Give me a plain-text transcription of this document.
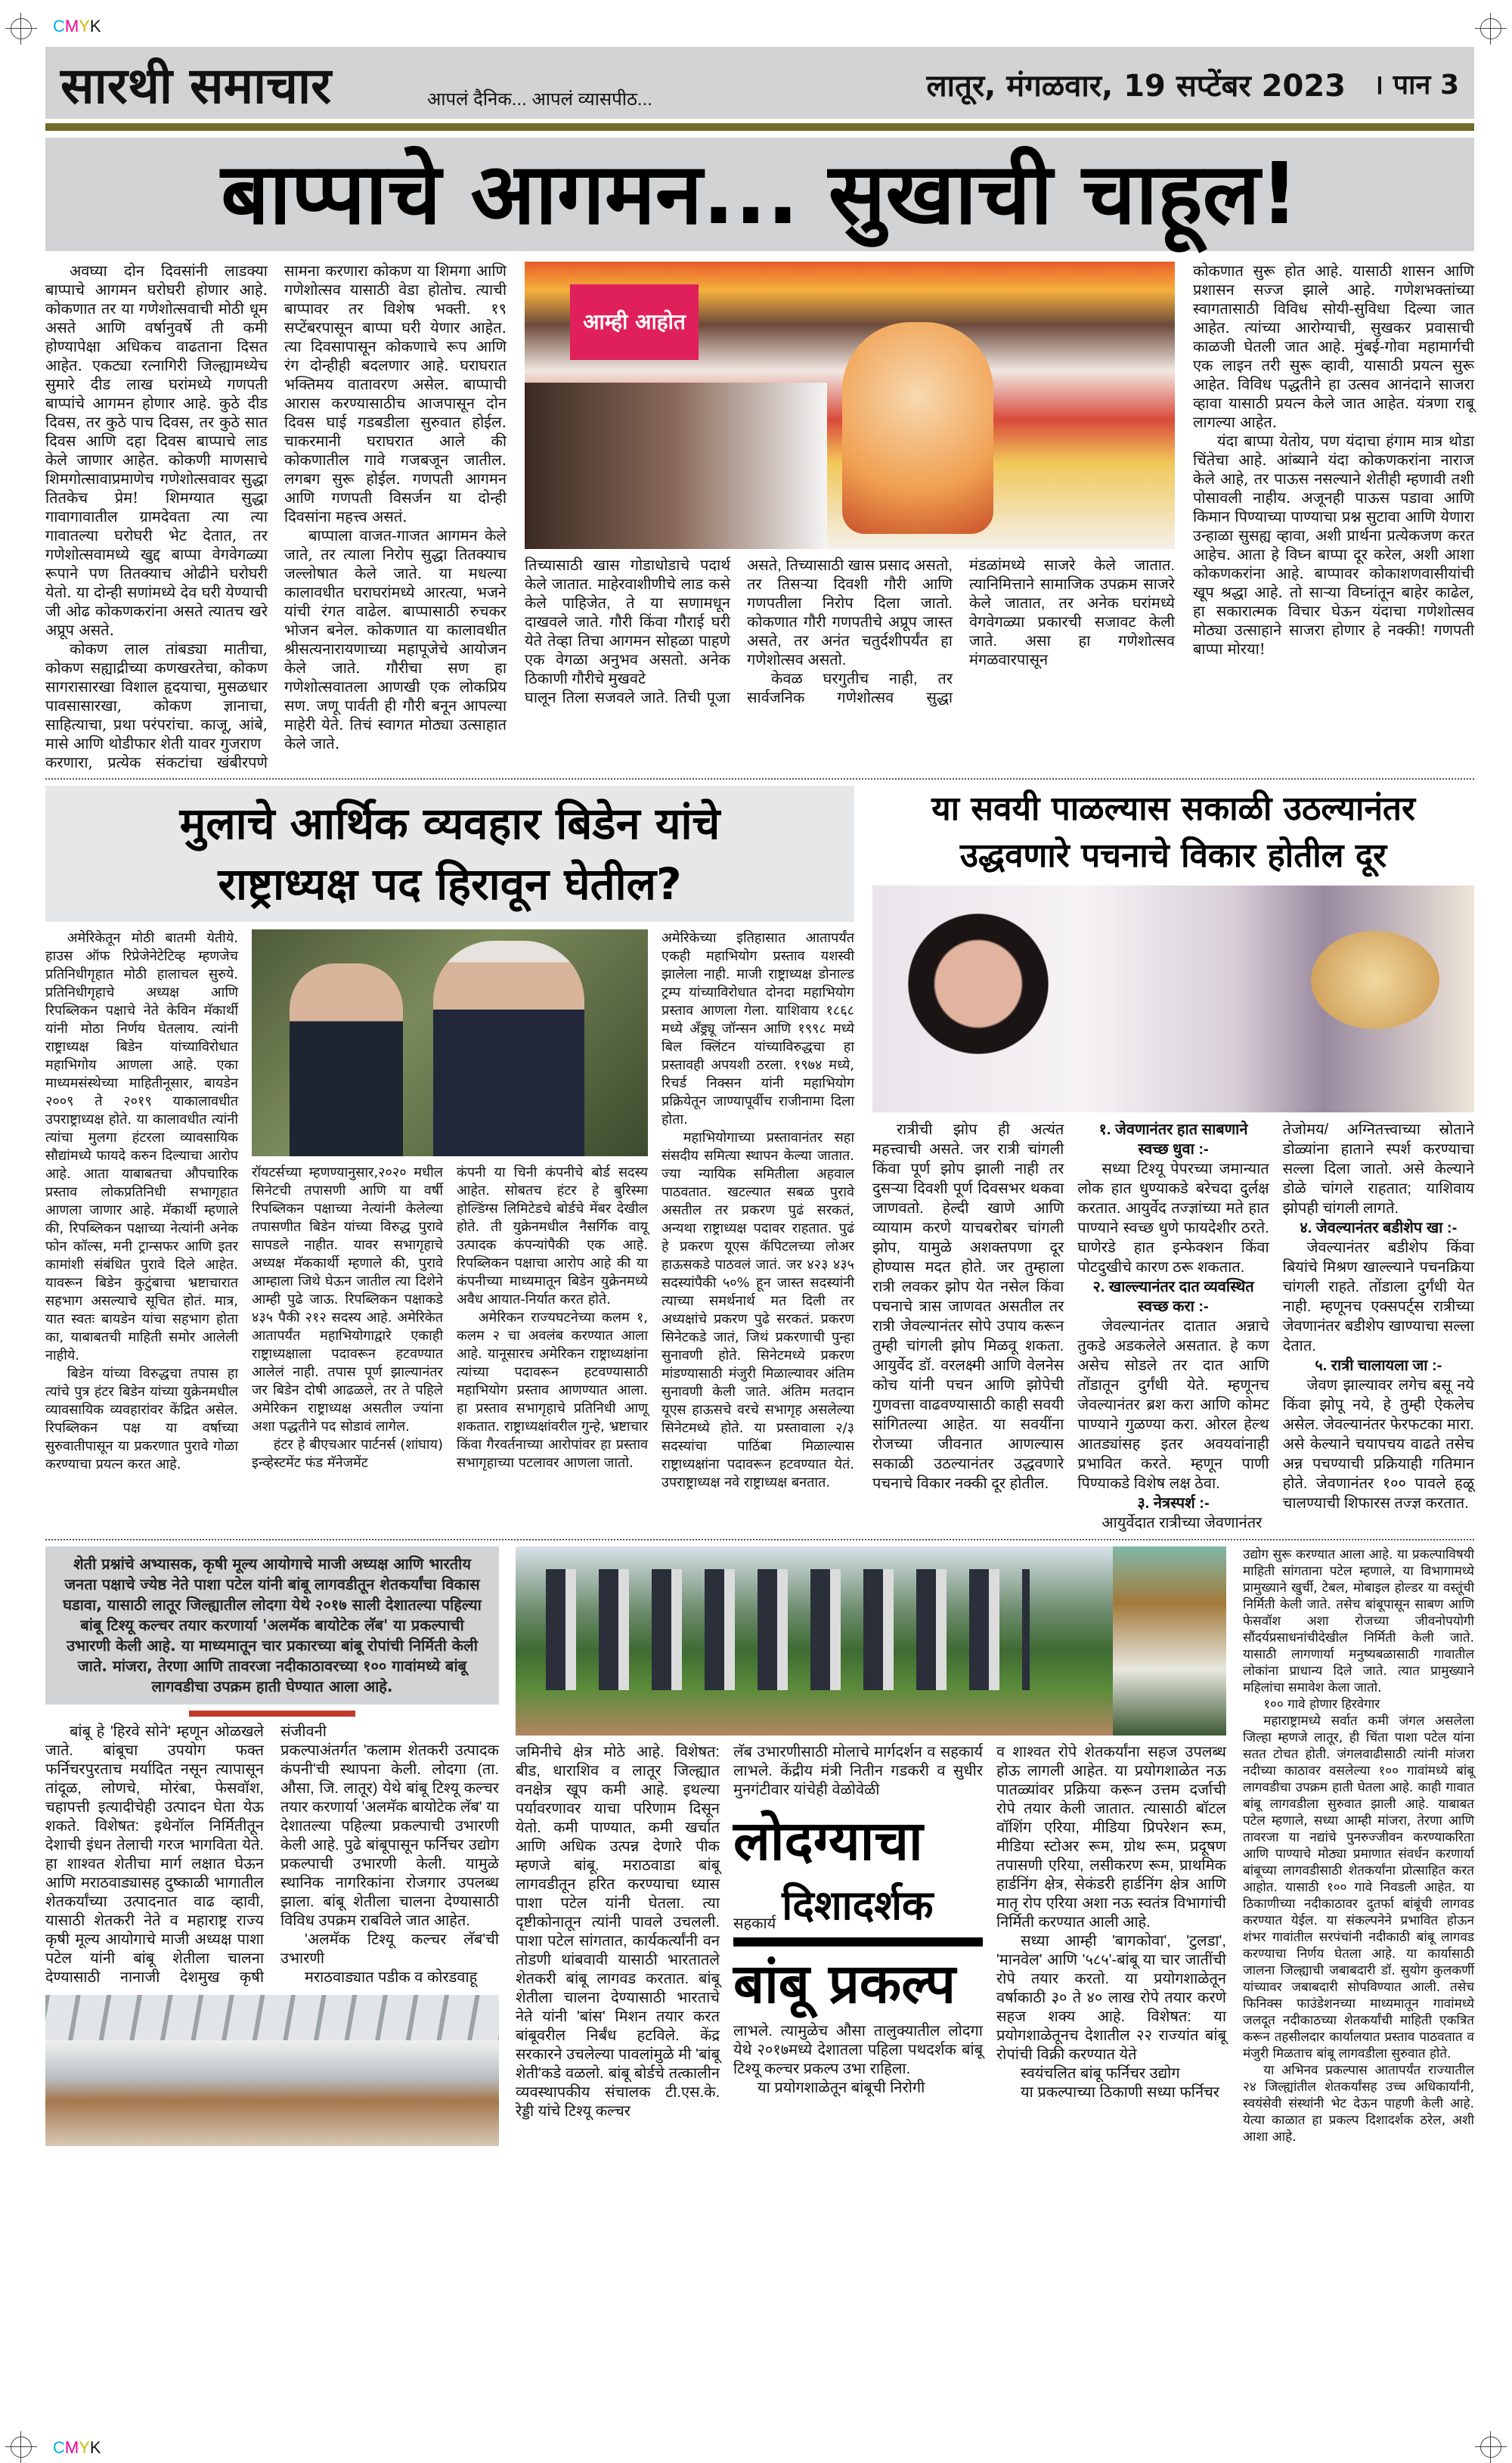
CMYK
CMYK
सारथी समाचार	आपलं दैनिक... आपलं व्यासपीठ...	लातूर, मंगळवार, 19 सप्टेंबर 2023 । पान 3
बाप्पाचे आगमन... सुखाची चाहूल!

अवघ्या दोन दिवसांनी लाडक्या बाप्पाचे आगमन घरोघरी होणार आहे. कोकणात तर या गणेशोत्सवाची मोठी धूम असते आणि वर्षानुवर्षे ती कमी होण्यापेक्षा अधिकच वाढताना दिसत आहेत. एकट्या रत्नागिरी जिल्ह्यामध्येच सुमारे दीड लाख घरांमध्ये गणपती बाप्पांचे आगमन होणार आहे. कुठे दीड दिवस, तर कुठे पाच दिवस, तर कुठे सात दिवस आणि दहा दिवस बाप्पाचे लाड केले जाणार आहेत. कोकणी माणसाचे शिमगोत्सावाप्रमाणेच गणेशोत्सवावर सुद्धा तितकेच प्रेम! शिमग्यात सुद्धा गावागावातील ग्रामदेवता त्या त्या गावातल्या घरोघरी भेट देतात, तर गणेशोत्सवामध्ये खुद्द बाप्पा वेगवेगळ्या रूपाने पण तितक्याच ओढीने घरोघरी येतो. या दोन्ही सणांमध्ये देव घरी येण्याची जी ओढ कोकणकरांना असते त्यातच खरे अप्रूप असते.

कोकण लाल तांबड्या मातीचा, कोकण सह्याद्रीच्या कणखरतेचा, कोकण सागरासारखा विशाल हृदयाचा, मुसळधार पावसासारखा, कोकण ज्ञानाचा, साहित्याचा, प्रथा परंपरांचा. काजू, आंबे, मासे आणि थोडीफार शेती यावर गुजराण

करणारा, प्रत्येक संकटांचा खंबीरपणे सामना करणारा कोकण या शिमगा आणि गणेशोत्सव यासाठी वेडा होतोच. त्याची बाप्पावर तर विशेष भक्ती. १९ सप्टेंबरपासून बाप्पा घरी येणार आहेत. त्या दिवसापासून कोकणाचे रूप आणि रंग दोन्हीही बदलणार आहे. घराघरात भक्तिमय वातावरण असेल. बाप्पाची आरास करण्यासाठीच आजपासून दोन दिवस घाई गडबडीला सुरुवात होईल. चाकरमानी घराघरात आले की कोकणातील गावे गजबजून जातील. लगबग सुरू होईल. गणपती आगमन आणि गणपती विसर्जन या दोन्ही दिवसांना महत्त्व असतं.

बाप्पाला वाजत-गाजत आगमन केले जाते, तर त्याला निरोप सुद्धा तितक्याच जल्लोषात केले जाते. या मधल्या कालावधीत घराघरांमध्ये आरत्या, भजने यांची रंगत वाढेल. बाप्पासाठी रुचकर भोजन बनेल. कोकणात या कालावधीत श्रीसत्यनारायणाच्या महापूजेचे आयोजन केले जाते. गौरीचा सण हा गणेशोत्सवातला आणखी एक लोकप्रिय सण. जणू पार्वती ही गौरी बनून आपल्या माहेरी येते. तिचं स्वागत मोठ्या उत्साहात केले जाते.

आम्ही आहोत

तिच्यासाठी खास गोडाधोडाचे पदार्थ केले जातात. माहेरवाशीणीचे लाड कसे केले पाहिजेत, ते या सणामधून दाखवले जाते. गौरी किंवा गौराई घरी येते तेव्हा तिचा आगमन सोहळा पाहणे एक वेगळा अनुभव असतो. अनेक ठिकाणी गौरीचे मुखवटे

घालून तिला सजवले जाते. तिची पूजा असते, तिच्यासाठी खास प्रसाद असतो, तर तिसऱ्या दिवशी गौरी आणि गणपतीला निरोप दिला जातो. कोकणात गौरी गणपतीचे अप्रूप जास्त असते, तर अनंत चतुर्दशीपर्यंत हा गणेशोत्सव असतो.

केवळ घरगुतीच नाही, तर सार्वजनिक गणेशोत्सव सुद्धा मंडळांमध्ये साजरे केले जातात. त्यानिमित्ताने सामाजिक उपक्रम साजरे केले जातात, तर अनेक घरांमध्ये वेगवेगळ्या प्रकारची सजावट केली जाते. असा हा गणेशोत्सव मंगळवारपासून

कोकणात सुरू होत आहे. यासाठी शासन आणि प्रशासन सज्ज झाले आहे. गणेशभक्तांच्या स्वागतासाठी विविध सोयी-सुविधा दिल्या जात आहेत. त्यांच्या आरोग्याची, सुखकर प्रवासाची काळजी घेतली जात आहे. मुंबई-गोवा महामार्गची एक लाइन तरी सुरू व्हावी, यासाठी प्रयत्न सुरू आहेत. विविध पद्धतीने हा उत्सव आनंदाने साजरा व्हावा यासाठी प्रयत्न केले जात आहेत. यंत्रणा राबू लागल्या आहेत.

यंदा बाप्पा येतोय, पण यंदाचा हंगाम मात्र थोडा चिंतेचा आहे. आंब्याने यंदा कोकणकरांना नाराज केले आहे, तर पाऊस नसल्याने शेतीही म्हणावी तशी पोसावली नाहीय. अजूनही पाऊस पडावा आणि किमान पिण्याच्या पाण्याचा प्रश्न सुटावा आणि येणारा उन्हाळा सुसह्य व्हावा, अशी प्रार्थना प्रत्येकजण करत आहेच. आता हे विघ्न बाप्पा दूर करेल, अशी आशा कोकणकरांना आहे. बाप्पावर कोकाशणवासीयांची खूप श्रद्धा आहे. तो साऱ्या विघ्नांतून बाहेर काढेल, हा सकारात्मक विचार घेऊन यंदाचा गणेशोत्सव मोठ्या उत्साहाने साजरा होणार हे नक्की! गणपती बाप्पा मोरया!

मुलाचे आर्थिक व्यवहार बिडेन यांचे
राष्ट्राध्यक्ष पद हिरावून घेतील?

अमेरिकेतून मोठी बातमी येतीये. हाउस ऑफ रिप्रेजेनेटेटिव्ह म्हणजेच प्रतिनिधीगृहात मोठी हालाचल सुरुये. प्रतिनिधीगृहाचे अध्यक्ष आणि रिपब्लिकन पक्षाचे नेते केविन मॅकार्थी यांनी मोठा निर्णय घेतलाय. त्यांनी राष्ट्राध्यक्ष बिडेन यांच्याविरोधात महाभिगोय आणला आहे. एका माध्यमसंस्थेच्या माहितीनूसार, बायडेन २००९ ते २०१९ याकालावधीत उपराष्ट्राध्यक्ष होते. या कालावधीत त्यांनी त्यांचा मुलगा हंटरला व्यावसायिक सौद्यांमध्ये फायदे करुन दिल्याचा आरोप आहे. आता याबाबतचा औपचारिक प्रस्ताव लोकप्रतिनिधी सभागृहात आणला जाणार आहे. मॅकार्थी म्हणाले की, रिपब्लिकन पक्षाच्या नेत्यांनी अनेक फोन कॉल्स, मनी ट्रान्सफर आणि इतर कामांशी संबंधित पुरावे दिले आहेत. यावरून बिडेन कुटुंबाचा भ्रष्टाचारात सहभाग असल्याचे सूचित होतं. मात्र, यात स्वतः बायडेन यांचा सहभाग होता का, याबाबतची माहिती समोर आलेली नाहीये.

बिडेन यांच्या विरुद्धचा तपास हा त्यांचे पुत्र हंटर बिडेन यांच्या युक्रेनमधील व्यावसायिक व्यवहारांवर केंद्रित असेल. रिपब्लिकन पक्ष या वर्षाच्या सुरुवातीपासून या प्रकरणात पुरावे गोळा करण्याचा प्रयत्न करत आहे.

रॉयटर्सच्या म्हणण्यानुसार,२०२० मधील सिनेटची तपासणी आणि या वर्षी रिपब्लिकन पक्षाच्या नेत्यांनी केलेल्या तपासणीत बिडेन यांच्या विरुद्ध पुरावे सापडले नाहीत. यावर सभागृहाचे अध्यक्ष मॅककार्थी म्हणाले की, पुरावे आम्हाला जिथे घेऊन जातील त्या दिशेने आम्ही पुढे जाऊ. रिपब्लिकन पक्षाकडे ४३५ पैकी २१२ सदस्य आहे. अमेरिकेत आतापर्यंत महाभियोगाद्वारे एकाही राष्ट्राध्यक्षाला पदावरून हटवण्यात आलेलं नाही. तपास पूर्ण झाल्यानंतर जर बिडेन दोषी आढळले, तर ते पहिले अमेरिकन राष्ट्राध्यक्ष असतील ज्यांना अशा पद्धतीने पद सोडावं लागेल.

हंटर हे बीएचआर पार्टनर्स (शांघाय) इन्व्हेस्टमेंट फंड मॅनेजमेंट

कंपनी या चिनी कंपनीचे बोर्ड सदस्य आहेत. सोबतच हंटर हे बुरिस्मा होल्डिंग्स लिमिटेडचे बोर्डचे मेंबर देखील होते. ती युक्रेनमधील नैसर्गिक वायू उत्पादक कंपन्यांपैकी एक आहे. रिपब्लिकन पक्षाचा आरोप आहे की या कंपनीच्या माध्यमातून बिडेन युक्रेनमध्ये अवैध आयात-निर्यात करत होते.

अमेरिकन राज्यघटनेच्या कलम १, कलम २ चा अवलंब करण्यात आला आहे. यानूसारच अमेरिकन राष्ट्राध्यक्षांना त्यांच्या पदावरून हटवण्यासाठी महाभियोग प्रस्ताव आणण्यात आला. हा प्रस्ताव सभागृहाचे प्रतिनिधी आणू शकतात. राष्ट्राध्यक्षांवरील गुन्हे, भ्रष्टाचार किंवा गैरवर्तनाच्या आरोपांवर हा प्रस्ताव सभागृहाच्या पटलावर आणला जातो.

अमेरिकेच्या इतिहासात आतापर्यंत एकही महाभियोग प्रस्ताव यशस्वी झालेला नाही. माजी राष्ट्राध्यक्ष डोनाल्ड ट्रम्प यांच्याविरोधात दोनदा महाभियोग प्रस्ताव आणला गेला. याशिवाय १८६८ मध्ये अँड्र्यू जॉन्सन आणि १९९८ मध्ये बिल क्लिंटन यांच्याविरुद्धचा हा प्रस्तावही अपयशी ठरला. १९७४ मध्ये, रिचर्ड निक्सन यांनी महाभियोग प्रक्रियेतून जाण्यापूर्वीच राजीनामा दिला होता.

महाभियोगाच्या प्रस्तावानंतर सहा संसदीय समित्या स्थापन केल्या जातात. ज्या न्यायिक समितीला अहवाल पाठवतात. खटल्यात सबळ पुरावे असतील तर प्रकरण पुढं सरकतं, अन्यथा राष्ट्राध्यक्ष पदावर राहतात. पुढं हे प्रकरण यूएस कॅपिटलच्या लोअर हाऊसकडे पाठवलं जातं. जर ४२३ ४३५ सदस्यांपैकी ५०% हून जास्त सदस्यांनी त्याच्या समर्थनार्थ मत दिली तर अध्यक्षांचे प्रकरण पुढे सरकतं. प्रकरण सिनेटकडे जातं, जिथं प्रकरणाची पुन्हा सुनावणी होते. सिनेटमध्ये प्रकरण मांडण्यासाठी मंजुरी मिळाल्यावर अंतिम सुनावणी केली जाते. अंतिम मतदान यूएस हाऊसचे वरचे सभागृह असलेल्या सिनेटमध्ये होते. या प्रस्तावाला २/३ सदस्यांचा पाठिंबा मिळाल्यास राष्ट्राध्यक्षांना पदावरून हटवण्यात येतं. उपराष्ट्राध्यक्ष नवे राष्ट्राध्यक्ष बनतात.

या सवयी पाळल्यास सकाळी उठल्यानंतर
उद्धवणारे पचनाचे विकार होतील दूर

रात्रीची झोप ही अत्यंत महत्त्वाची असते. जर रात्री चांगली किंवा पूर्ण झोप झाली नाही तर दुसऱ्या दिवशी पूर्ण दिवसभर थकवा जाणवतो. हेल्दी खाणे आणि व्यायाम करणे याचबरोबर चांगली झोप, यामुळे अशक्तपणा दूर होण्यास मदत होते. जर तुम्हाला रात्री लवकर झोप येत नसेल किंवा पचनाचे त्रास जाणवत असतील तर रात्री जेवल्यानंतर सोपे उपाय करून तुम्ही चांगली झोप मिळवू शकता. आयुर्वेद डॉ. वरलक्ष्मी आणि वेलनेस कोच यांनी पचन आणि झोपेची गुणवत्ता वाढवण्यासाठी काही सवयी सांगितल्या आहेत. या सवयींना रोजच्या जीवनात आणल्यास सकाळी उठल्यानंतर उद्धवणारे पचनाचे विकार नक्की दूर होतील.

१. जेवणानंतर हात साबणाने

स्वच्छ धुवा :-

सध्या टिश्यू पेपरच्या जमान्यात लोक हात धुण्याकडे बरेचदा दुर्लक्ष करतात. आयुर्वेद तज्ज्ञांच्या मते हात पाण्याने स्वच्छ धुणे फायदेशीर ठरते. घाणेरडे हात इन्फेक्शन किंवा पोटदुखीचे कारण ठरू शकतात.

२. खाल्ल्यानंतर दात व्यवस्थित स्वच्छ करा :-

जेवल्यानंतर दातात अन्नाचे तुकडे अडकलेले असतात. हे कण असेच सोडले तर दात आणि तोंडातून दुर्गंधी येते. म्हणूनच जेवल्यानंतर ब्रश करा आणि कोमट पाण्याने गुळण्या करा. ओरल हेल्थ आतड्यांसह इतर अवयवांनाही प्रभावित करते. म्हणून पाणी पिण्याकडे विशेष लक्ष ठेवा.

३. नेत्रस्पर्श :-

आयुर्वेदात रात्रीच्या जेवणानंतर

तेजोमय/ अग्नितत्त्वाच्या स्रोताने डोळ्यांना हाताने स्पर्श करण्याचा सल्ला दिला जातो. असे केल्याने डोळे चांगले राहतात; याशिवाय झोपही चांगली लागते.

४. जेवल्यानंतर बडीशेप खा :-

जेवल्यानंतर बडीशेप किंवा बियांचे मिश्रण खाल्ल्याने पचनक्रिया चांगली राहते. तोंडाला दुर्गंधी येत नाही. म्हणूनच एक्सपर्ट्स रात्रीच्या जेवणानंतर बडीशेप खाण्याचा सल्ला देतात.

५. रात्री चालायला जा :-

जेवण झाल्यावर लगेच बसू नये किंवा झोपू नये, हे तुम्ही ऐकलेच असेल. जेवल्यानंतर फेरफटका मारा. असे केल्याने चयापचय वाढते तसेच अन्न पचण्याची प्रक्रियाही गतिमान होते. जेवणानंतर १०० पावले हळू चालण्याची शिफारस तज्ज्ञ करतात.

शेती प्रश्नांचे अभ्यासक, कृषी मूल्य आयोगाचे माजी अध्यक्ष आणि भारतीय जनता पक्षाचे ज्येष्ठ नेते पाशा पटेल यांनी बांबू लागवडीतून शेतकर्यांचा विकास घडावा, यासाठी लातूर जिल्ह्यातील लोदगा येथे २०१७ साली देशातल्या पहिल्या बांबू टिश्यू कल्चर तयार करणार्या 'अलमॅक बायोटेक लॅब' या प्रकल्पाची उभारणी केली आहे. या माध्यमातून चार प्रकारच्या बांबू रोपांची निर्मिती केली जाते. मांजरा, तेरणा आणि तावरजा नदीकाठावरच्या १०० गावांमध्ये बांबू लागवडीचा उपक्रम हाती घेण्यात आला आहे.

बांबू हे 'हिरवे सोने' म्हणून ओळखले जाते. बांबूचा उपयोग फक्त फर्निचरपुरताच मर्यादित नसून त्यापासून तांदूळ, लोणचे, मोरंबा, फेसवॉश, चहापत्ती इत्यादीचेही उत्पादन घेता येऊ शकते. विशेषत: इथेनॉल निर्मितीतून देशाची इंधन तेलाची गरज भागविता येते. हा शाश्वत शेतीचा मार्ग लक्षात घेऊन आणि मराठवाड्यासह दुष्काळी भागातील शेतकर्यांच्या उत्पादनात वाढ व्हावी, यासाठी शेतकरी नेते व महाराष्ट्र राज्य कृषी मूल्य आयोगाचे माजी अध्यक्ष पाशा पटेल यांनी बांबू शेतीला चालना देण्यासाठी नानाजी देशमुख कृषी संजीवनी

प्रकल्पाअंतर्गत 'कलाम शेतकरी उत्पादक कंपनी'ची स्थापना केली. लोदगा (ता. औसा, जि. लातूर) येथे बांबू टिश्यू कल्चर तयार करणार्या 'अलमॅक बायोटेक लॅब' या देशातल्या पहिल्या प्रकल्पाची उभारणी केली आहे. पुढे बांबूपासून फर्निचर उद्योग प्रकल्पाची उभारणी केली. यामुळे स्थानिक नागरिकांना रोजगार उपलब्ध झाला. बांबू शेतीला चालना देण्यासाठी विविध उपक्रम राबविले जात आहेत.

'अलमॅक टिश्यू कल्चर लॅब'ची उभारणी

मराठवाड्यात पडीक व कोरडवाहू

जमिनीचे क्षेत्र मोठे आहे. विशेषत: बीड, धाराशिव व लातूर जिल्ह्यात वनक्षेत्र खूप कमी आहे. इथल्या पर्यावरणावर याचा परिणाम दिसून येतो. कमी पाण्यात, कमी खर्चात आणि अधिक उत्पन्न देणारे पीक म्हणजे बांबू. मराठवाडा बांबू लागवडीतून हरित करण्याचा ध्यास पाशा पटेल यांनी घेतला. त्या दृष्टीकोनातून त्यांनी पावले उचलली. पाशा पटेल सांगतात, कार्यकर्त्यांनी वन तोडणी थांबवावी यासाठी भारतातले शेतकरी बांबू लागवड करतात. बांबू शेतीला चालना देण्यासाठी भारताचे नेते यांनी 'बांस' मिशन तयार करत बांबूवरील निर्बंध हटविले. केंद्र सरकारने उचलेल्या पावलांमुळे मी 'बांबू शेती'कडे वळलो. बांबू बोर्डचे तत्कालीन व्यवस्थापकीय संचालक टी.एस.के. रेड्डी यांचे टिश्यू कल्चर

लॅब उभारणीसाठी मोलाचे मार्गदर्शन व सहकार्य लाभले. केंद्रीय मंत्री नितीन गडकरी व सुधीर मुनगंटीवार यांचेही वेळोवेळी

लोदग्याचा
सहकार्य दिशादर्शक
बांबू प्रकल्प

लाभले. त्यामुळेच औसा तालुक्यातील लोदगा येथे २०१७मध्ये देशातला पहिला पथदर्शक बांबू टिश्यू कल्चर प्रकल्प उभा राहिला.

या प्रयोगशाळेतून बांबूची निरोगी

व शाश्वत रोपे शेतकर्यांना सहज उपलब्ध होऊ लागली आहेत. या प्रयोगशाळेत नऊ पातळ्यांवर प्रक्रिया करून उत्तम दर्जाची रोपे तयार केली जातात. त्यासाठी बॉटल वॉशिंग एरिया, मीडिया प्रिपरेशन रूम, मीडिया स्टोअर रूम, ग्रोथ रूम, प्रदूषण तपासणी एरिया, लसीकरण रूम, प्राथमिक हार्डनिंग क्षेत्र, सेकंडरी हार्डनिंग क्षेत्र आणि मातृ रोप एरिया अशा नऊ स्वतंत्र विभागांची निर्मिती करण्यात आली आहे.

सध्या आम्ही 'बागकोवा', 'टुलडा', 'मानवेल' आणि '५८५'-बांबू या चार जातींची रोपे तयार करतो. या प्रयोगशाळेतून वर्षाकाठी ३० ते ४० लाख रोपे तयार करणे सहज शक्य आहे. विशेषत: या प्रयोगशाळेतूनच देशातील २२ राज्यांत बांबू रोपांची विक्री करण्यात येते

स्वयंचलित बांबू फर्निचर उद्योग

या प्रकल्पाच्या ठिकाणी सध्या फर्निचर

उद्योग सुरू करण्यात आला आहे. या प्रकल्पाविषयी माहिती सांगताना पटेल म्हणाले, या विभागामध्ये प्रामुख्याने खुर्ची, टेबल, मोबाइल होल्डर या वस्तूंची निर्मिती केली जाते. तसेच बांबूपासून साबण आणि फेसवॉश अशा रोजच्या जीवनोपयोगी सौंदर्यप्रसाधनांचीदेखील निर्मिती केली जाते. यासाठी लागणार्या मनुष्यबळासाठी गावातील लोकांना प्राधान्य दिले जाते. त्यात प्रामुख्याने महिलांचा समावेश केला जातो.

१०० गावे होणार हिरवेगार

महाराष्ट्रामध्ये सर्वात कमी जंगल असलेला जिल्हा म्हणजे लातूर, ही चिंता पाशा पटेल यांना सतत टोचत होती. जंगलवाढीसाठी त्यांनी मांजरा नदीच्या काठावर वसलेल्या १०० गावांमध्ये बांबू लागवडीचा उपक्रम हाती घेतला आहे. काही गावात बांबू लागवडीला सुरुवात झाली आहे. याबाबत पटेल म्हणाले, सध्या आम्ही मांजरा, तेरणा आणि तावरजा या नद्यांचे पुनरुज्जीवन करण्याकरिता आणि पाण्याचे मोठ्या प्रमाणात संवर्धन करणार्या बांबूच्या लागवडीसाठी शेतकर्यांना प्रोत्साहित करत आहोत. यासाठी १०० गावे निवडली आहेत. या ठिकाणीच्या नदीकाठावर दुतर्फा बांबूंची लागवड करण्यात येईल. या संकल्पनेने प्रभावित होऊन शंभर गावांतील सरपंचांनी नदीकाठी बांबू लागवड करण्याचा निर्णय घेतला आहे. या कार्यासाठी जालना जिल्ह्याची जबाबदारी डॉ. सुयोग कुलकर्णी यांच्यावर जबाबदारी सोपविण्यात आली. तसेच फिनिक्स फाउंडेशनच्या माध्यमातून गावांमध्ये जलदूत नदीकाठच्या शेतकर्यांची माहिती एकत्रित करून तहसीलदार कार्यालयात प्रस्ताव पाठवतात व मंजुरी मिळताच बांबू लागवडीला सुरुवात होते.

या अभिनव प्रकल्पास आतापर्यंत राज्यातील २४ जिल्ह्यांतील शेतकर्यांसह उच्च अधिकार्यांनी, स्वयंसेवी संस्थांनी भेट देऊन पाहणी केली आहे. येत्या काळात हा प्रकल्प दिशादर्शक ठरेल, अशी आशा आहे.
